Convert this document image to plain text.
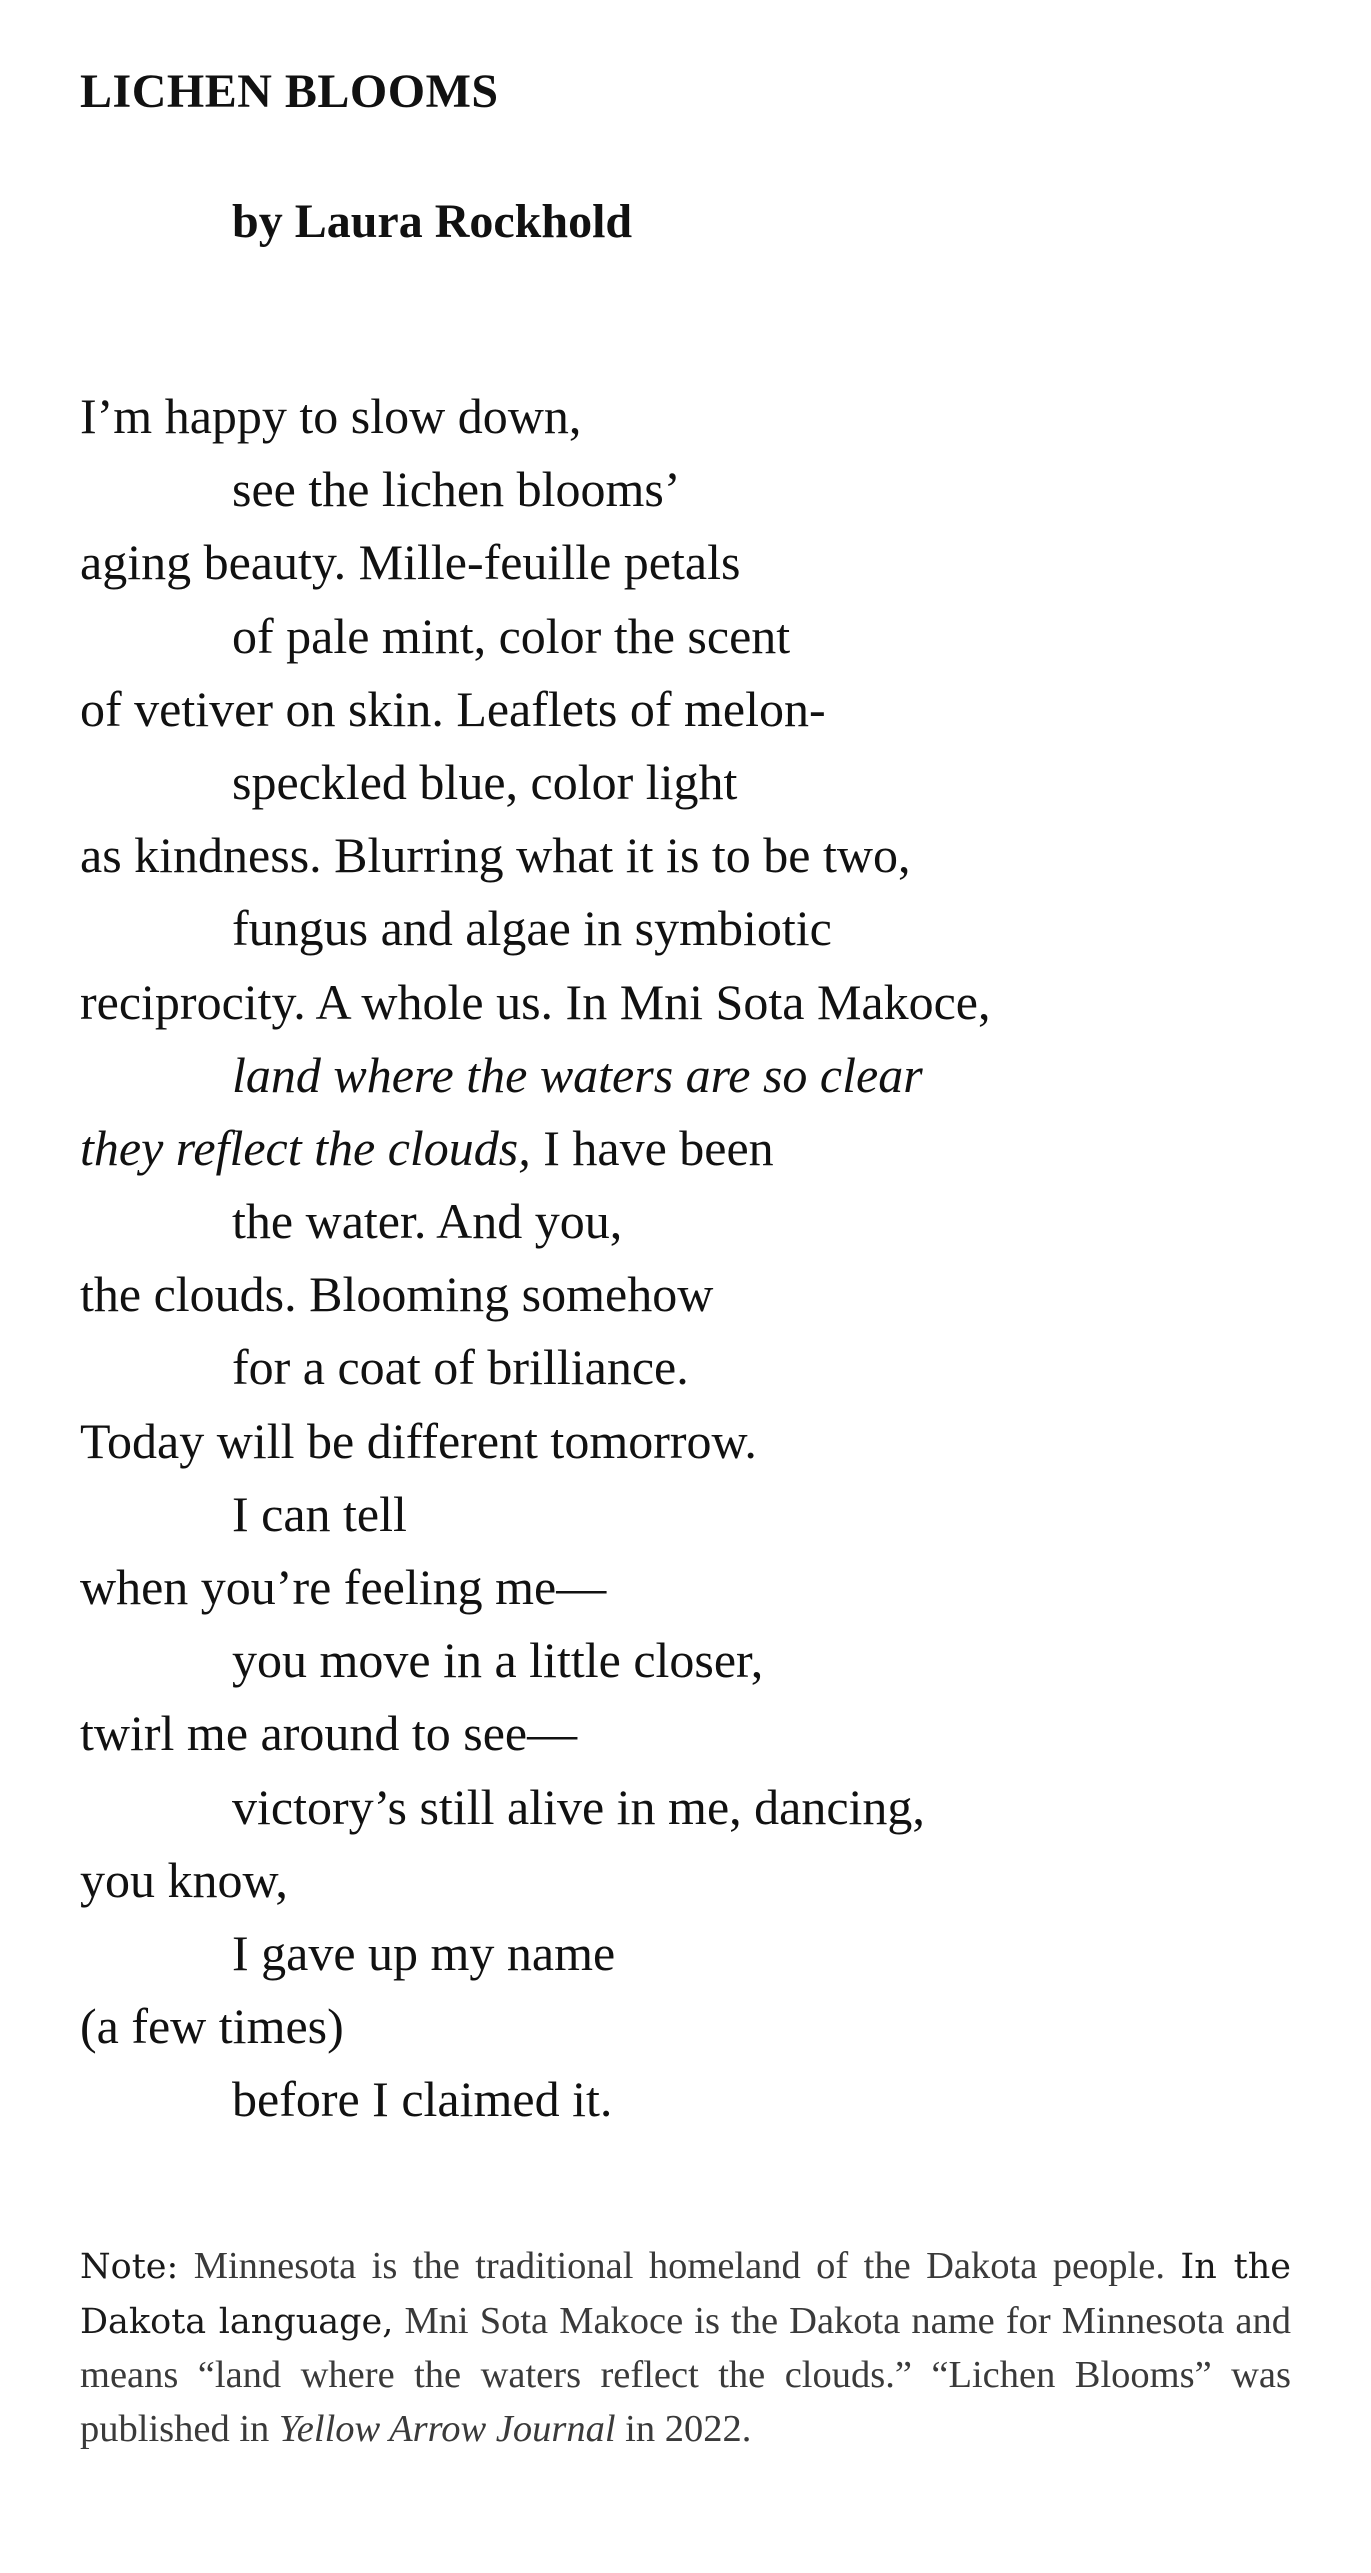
LICHEN BLOOMS
by Laura Rockhold
I’m happy to slow down,
see the lichen blooms’
aging beauty. Mille-feuille petals
of pale mint, color the scent
of vetiver on skin. Leaflets of melon-
speckled blue, color light
as kindness. Blurring what it is to be two,
fungus and algae in symbiotic
reciprocity. A whole us. In Mni Sota Makoce,
land where the waters are so clear
they reflect the clouds, I have been
the water. And you,
the clouds. Blooming somehow
for a coat of brilliance.
Today will be different tomorrow.
I can tell
when you’re feeling me—
you move in a little closer,
twirl me around to see—
victory’s still alive in me, dancing,
you know,
I gave up my name
(a few times)
before I claimed it.
Note: Minnesota is the traditional homeland of the Dakota people. In the Dakota language, Mni Sota Makoce is the Dakota name for Minnesota and means “land where the waters reflect the clouds.” “Lichen Blooms” was published in Yellow Arrow Journal in 2022.
